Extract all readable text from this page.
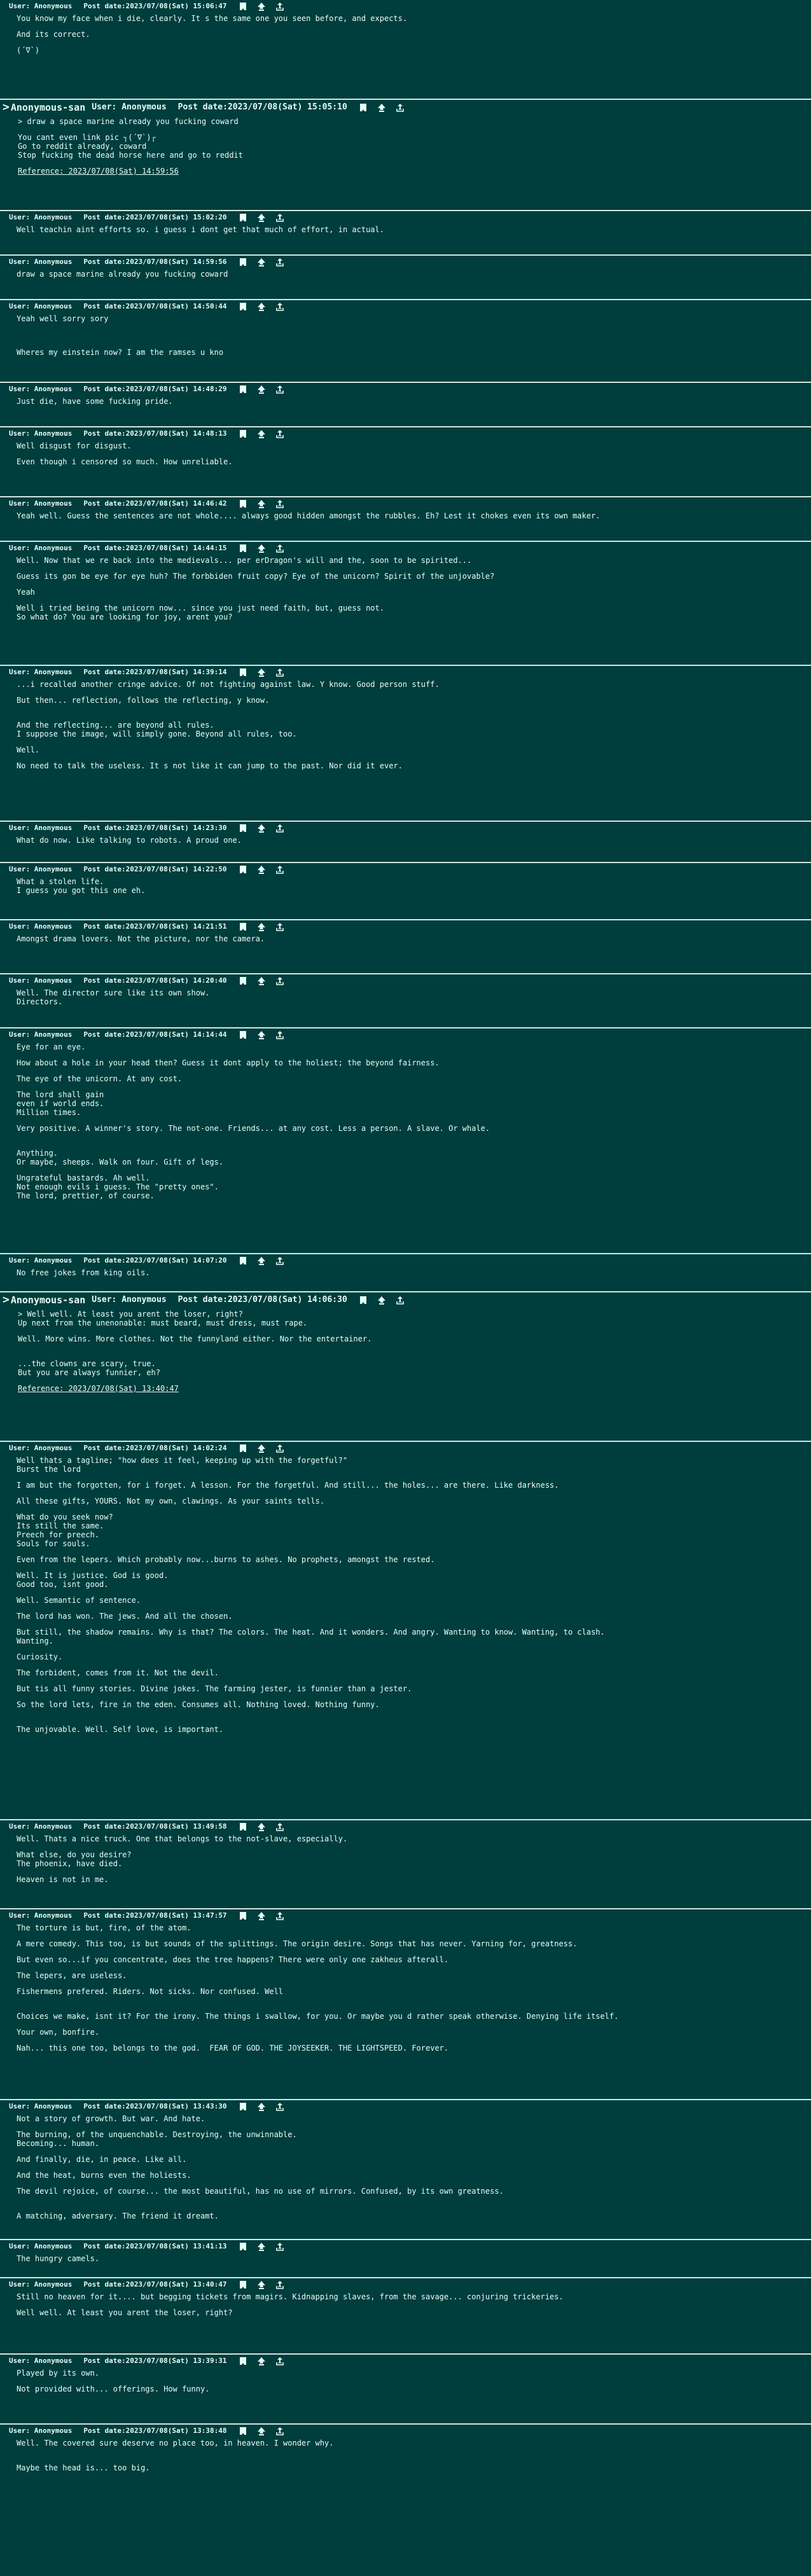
User: Anonymous Post date: 2023/07/08(Sat) 15:06:47

You know my face when i die, clearly. It s the same one you seen before, and expects.

And its correct.

(´∇`)

> Anonymous-san User: Anonymous Post date: 2023/07/08(Sat) 15:05:10

> draw a space marine already you fucking coward

You cant even link pic ┐(´∇`)┌
Go to reddit already, coward
Stop fucking the dead horse here and go to reddit

Reference: 2023/07/08(Sat) 14:59:56

User: Anonymous Post date: 2023/07/08(Sat) 15:02:20

Well teachin aint efforts so. i guess i dont get that much of effort, in actual.

User: Anonymous Post date: 2023/07/08(Sat) 14:59:56

draw a space marine already you fucking coward

User: Anonymous Post date: 2023/07/08(Sat) 14:50:44

Yeah well sorry sory

Wheres my einstein now? I am the ramses u kno

User: Anonymous Post date: 2023/07/08(Sat) 14:48:29

Just die, have some fucking pride.

User: Anonymous Post date: 2023/07/08(Sat) 14:48:13

Well disgust for disgust.

Even though i censored so much. How unreliable.

User: Anonymous Post date: 2023/07/08(Sat) 14:46:42

Yeah well. Guess the sentences are not whole.... always good hidden amongst the rubbles. Eh? Lest it chokes even its own maker.

User: Anonymous Post date: 2023/07/08(Sat) 14:44:15

Well. Now that we re back into the medievals... per erDragon's will and the, soon to be spirited...

Guess its gon be eye for eye huh? The forbbiden fruit copy? Eye of the unicorn? Spirit of the unjovable?

Yeah

Well i tried being the unicorn now... since you just need faith, but, guess not.
So what do? You are looking for joy, arent you?

User: Anonymous Post date: 2023/07/08(Sat) 14:39:14

...i recalled another cringe advice. Of not fighting against law. Y know. Good person stuff.

But then... reflection, follows the reflecting, y know.

And the reflecting... are beyond all rules.
I suppose the image, will simply gone. Beyond all rules, too.

Well.

No need to talk the useless. It s not like it can jump to the past. Nor did it ever.

User: Anonymous Post date: 2023/07/08(Sat) 14:23:30

What do now. Like talking to robots. A proud one.

User: Anonymous Post date: 2023/07/08(Sat) 14:22:50

What a stolen life.
I guess you got this one eh.

User: Anonymous Post date: 2023/07/08(Sat) 14:21:51

Amongst drama lovers. Not the picture, nor the camera.

User: Anonymous Post date: 2023/07/08(Sat) 14:20:40

Well. The director sure like its own show.
Directors.

User: Anonymous Post date: 2023/07/08(Sat) 14:14:44

Eye for an eye.

How about a hole in your head then? Guess it dont apply to the holiest; the beyond fairness.

The eye of the unicorn. At any cost.

The lord shall gain
even if world ends.
Million times.

Very positive. A winner's story. The not-one. Friends... at any cost. Less a person. A slave. Or whale.

Anything.
Or maybe, sheeps. Walk on four. Gift of legs.

Ungrateful bastards. Ah well.
Not enough evils i guess. The "pretty ones".
The lord, prettier, of course.

User: Anonymous Post date: 2023/07/08(Sat) 14:07:20

No free jokes from king oils.

> Anonymous-san User: Anonymous Post date: 2023/07/08(Sat) 14:06:30

> Well well. At least you arent the loser, right?
Up next from the unenonable: must beard, must dress, must rape.

Well. More wins. More clothes. Not the funnyland either. Nor the entertainer.

...the clowns are scary, true.
But you are always funnier, eh?

Reference: 2023/07/08(Sat) 13:40:47

User: Anonymous Post date: 2023/07/08(Sat) 14:02:24

Well thats a tagline; "how does it feel, keeping up with the forgetful?"
Burst the lord

I am but the forgotten, for i forget. A lesson. For the forgetful. And still... the holes... are there. Like darkness.

All these gifts, YOURS. Not my own, clawings. As your saints tells.

What do you seek now?
Its still the same.
Preech for preech.
Souls for souls.

Even from the lepers. Which probably now...burns to ashes. No prophets, amongst the rested.

Well. It is justice. God is good.
Good too, isnt good.

Well. Semantic of sentence.

The lord has won. The jews. And all the chosen.

But still, the shadow remains. Why is that? The colors. The heat. And it wonders. And angry. Wanting to know. Wanting, to clash.
Wanting.

Curiosity.

The forbident, comes from it. Not the devil.

But tis all funny stories. Divine jokes. The farming jester, is funnier than a jester.

So the lord lets, fire in the eden. Consumes all. Nothing loved. Nothing funny.

The unjovable. Well. Self love, is important.

User: Anonymous Post date: 2023/07/08(Sat) 13:49:58

Well. Thats a nice truck. One that belongs to the not-slave, especially.

What else, do you desire?
The phoenix, have died.

Heaven is not in me.

User: Anonymous Post date: 2023/07/08(Sat) 13:47:57

The torture is but, fire, of the atom.

A mere comedy. This too, is but sounds of the splittings. The origin desire. Songs that has never. Yarning for, greatness.

But even so...if you concentrate, does the tree happens? There were only one zakheus afterall.

The lepers, are useless.

Fishermens prefered. Riders. Not sicks. Nor confused. Well

Choices we make, isnt it? For the irony. The things i swallow, for you. Or maybe you d rather speak otherwise. Denying life itself.

Your own, bonfire.

Nah... this one too, belongs to the god.  FEAR OF GOD. THE JOYSEEKER. THE LIGHTSPEED. Forever.

User: Anonymous Post date: 2023/07/08(Sat) 13:43:30

Not a story of growth. But war. And hate.

The burning, of the unquenchable. Destroying, the unwinnable.
Becoming... human.

And finally, die, in peace. Like all.

And the heat, burns even the holiests.

The devil rejoice, of course... the most beautiful, has no use of mirrors. Confused, by its own greatness.

A matching, adversary. The friend it dreamt.

User: Anonymous Post date: 2023/07/08(Sat) 13:41:13

The hungry camels.

User: Anonymous Post date: 2023/07/08(Sat) 13:40:47

Still no heaven for it.... but begging tickets from magirs. Kidnapping slaves, from the savage... conjuring trickeries.

Well well. At least you arent the loser, right?

User: Anonymous Post date: 2023/07/08(Sat) 13:39:31

Played by its own.

Not provided with... offerings. How funny.

User: Anonymous Post date: 2023/07/08(Sat) 13:38:48

Well. The covered sure deserve no place too, in heaven. I wonder why.

Maybe the head is... too big.
